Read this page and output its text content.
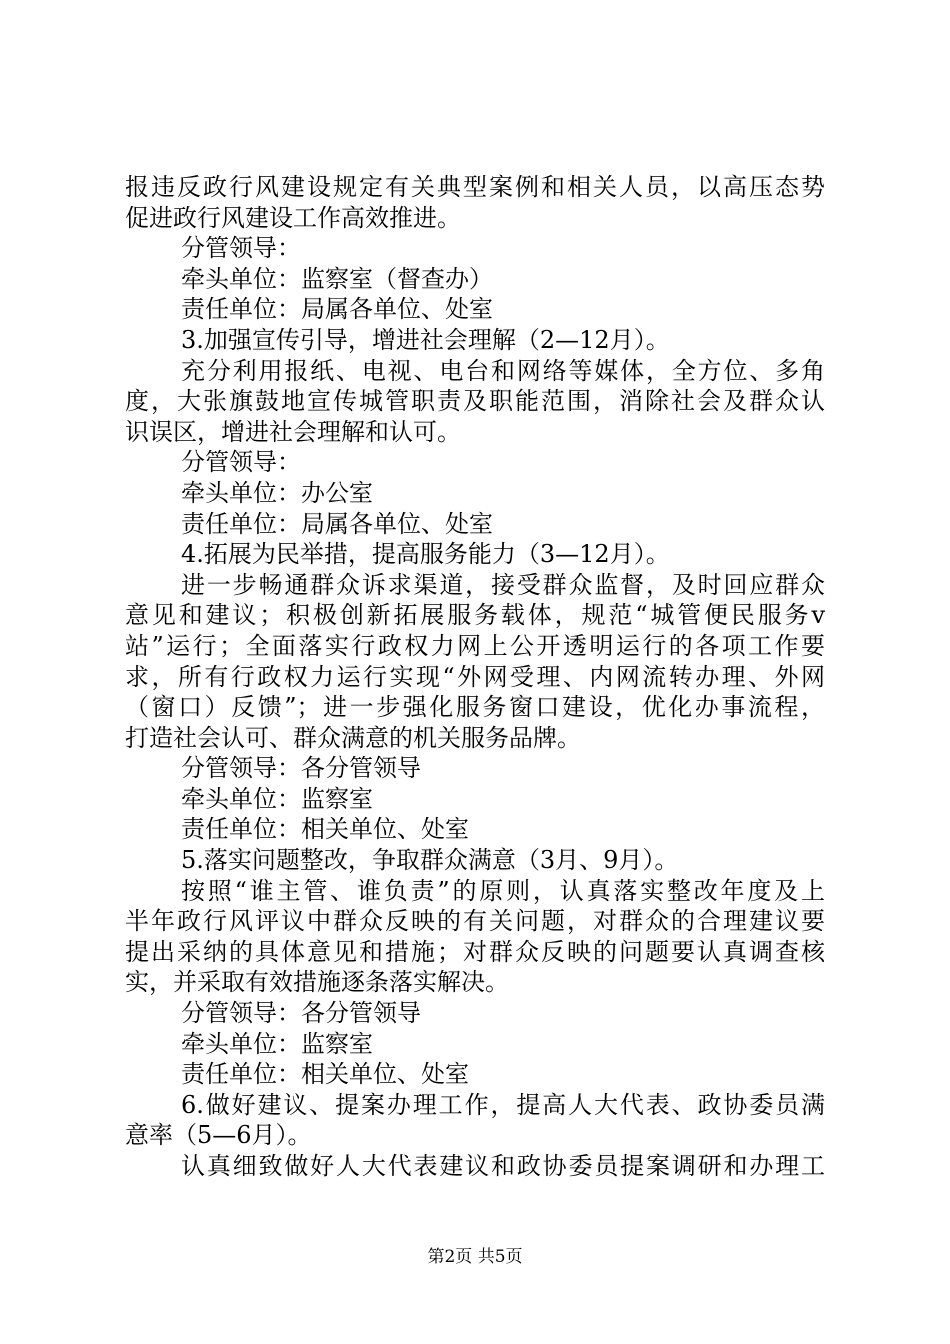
报违反政行风建设规定有关典型案例和相关人员，以高压态势
促进政行风建设工作高效推进。
分管领导：
牵头单位：监察室（督查办）
责任单位：局属各单位、处室
3.加强宣传引导，增进社会理解（2—12月）。
充分利用报纸、电视、电台和网络等媒体，全方位、多角
度，大张旗鼓地宣传城管职责及职能范围，消除社会及群众认
识误区，增进社会理解和认可。
分管领导：
牵头单位：办公室
责任单位：局属各单位、处室
4.拓展为民举措，提高服务能力（3—12月）。
进一步畅通群众诉求渠道，接受群众监督，及时回应群众
意见和建议；积极创新拓展服务载体，规范“城管便民服务v
站”运行；全面落实行政权力网上公开透明运行的各项工作要
求，所有行政权力运行实现“外网受理、内网流转办理、外网
（窗口）反馈”；进一步强化服务窗口建设，优化办事流程，
打造社会认可、群众满意的机关服务品牌。
分管领导：各分管领导
牵头单位：监察室
责任单位：相关单位、处室
5.落实问题整改，争取群众满意（3月、9月）。
按照“谁主管、谁负责”的原则，认真落实整改年度及上
半年政行风评议中群众反映的有关问题，对群众的合理建议要
提出采纳的具体意见和措施；对群众反映的问题要认真调查核
实，并采取有效措施逐条落实解决。
分管领导：各分管领导
牵头单位：监察室
责任单位：相关单位、处室
6.做好建议、提案办理工作，提高人大代表、政协委员满
意率（5—6月）。
认真细致做好人大代表建议和政协委员提案调研和办理工
第2页 共5页
